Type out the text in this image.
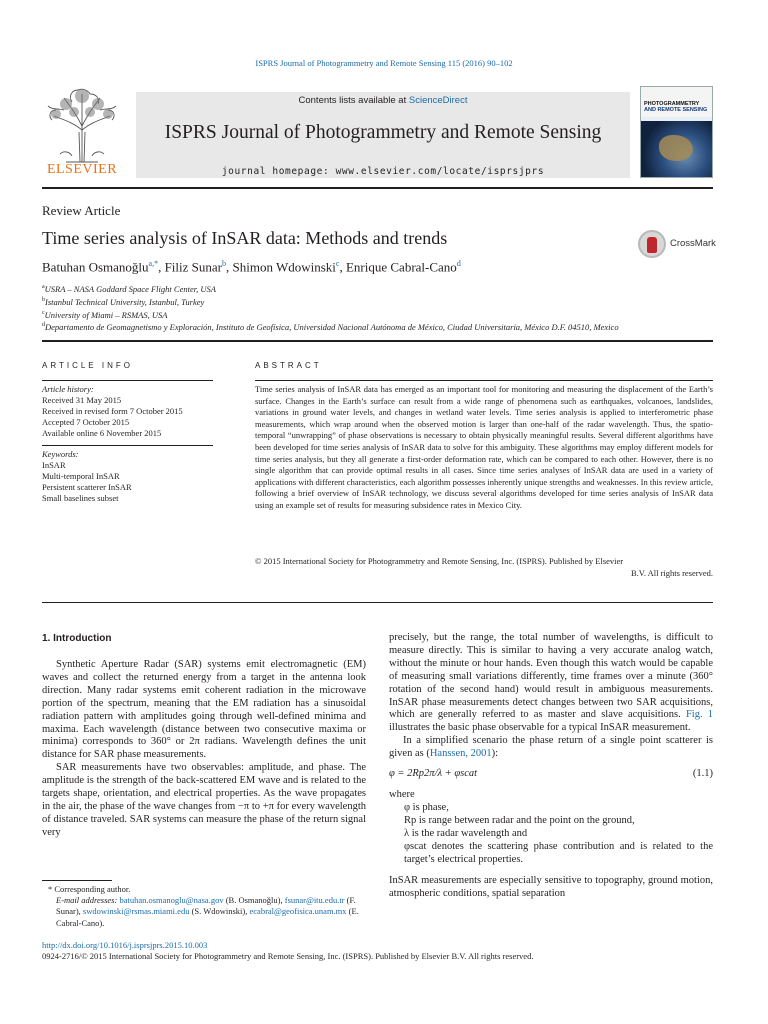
ISPRS Journal of Photogrammetry and Remote Sensing 115 (2016) 90–102
ELSEVIER
Contents lists available at ScienceDirect
ISPRS Journal of Photogrammetry and Remote Sensing
journal homepage: www.elsevier.com/locate/isprsjprs
PHOTOGRAMMETRY
AND REMOTE SENSING
Review Article
Time series analysis of InSAR data: Methods and trends	CrossMark
Batuhan Osmanoğlu$^{a,*}$, Filiz Sunar$^b$, Shimon Wdowinski$^c$, Enrique Cabral-Cano$^d$
$^a$USRA – NASA Goddard Space Flight Center, USA
$^b$Istanbul Technical University, Istanbul, Turkey
$^c$University of Miami – RSMAS, USA
$^d$Departamento de Geomagnetismo y Exploración, Instituto de Geofísica, Universidad Nacional Autónoma de México, Ciudad Universitaria, México D.F. 04510, Mexico
ARTICLE INFO
Article history:
Received 31 May 2015
Received in revised form 7 October 2015
Accepted 7 October 2015
Available online 6 November 2015
Keywords:
InSAR
Multi-temporal InSAR
Persistent scatterer InSAR
Small baselines subset
ABSTRACT
Time series analysis of InSAR data has emerged as an important tool for monitoring and measuring the displacement of the Earth’s surface. Changes in the Earth’s surface can result from a wide range of phenomena such as earthquakes, volcanoes, landslides, variations in ground water levels, and changes in wetland water levels. Time series analysis is applied to interferometric phase measurements, which wrap around when the observed motion is larger than one-half of the radar wavelength. Thus, the spatio-temporal “unwrapping” of phase observations is necessary to obtain physically meaningful results. Several different algorithms have been developed for time series analysis of InSAR data to solve for this ambiguity. These algorithms may employ different models for time series analysis, but they all generate a first-order deformation rate, which can be compared to each other. However, there is no single algorithm that can provide optimal results in all cases. Since time series analyses of InSAR data are used in a variety of applications with different characteristics, each algorithm possesses inherently unique strengths and weaknesses. In this review article, following a brief overview of InSAR technology, we discuss several algorithms developed for time series analysis of InSAR data using an example set of results for measuring subsidence rates in Mexico City.
© 2015 International Society for Photogrammetry and Remote Sensing, Inc. (ISPRS). Published by Elsevier
B.V. All rights reserved.
1. Introduction

Synthetic Aperture Radar (SAR) systems emit electromagnetic (EM) waves and collect the returned energy from a target in the antenna look direction. Many radar systems emit coherent radiation in the microwave portion of the spectrum, meaning that the EM radiation has a sinusoidal radiation pattern with amplitudes going through well-defined minima and maxima. Each wavelength (distance between two consecutive maxima or minima) corresponds to 360° or 2π radians. Wavelength defines the unit distance for SAR phase measurements.

SAR measurements have two observables: amplitude, and phase. The amplitude is the strength of the back-scattered EM wave and is related to the targets shape, orientation, and electrical properties. As the wave propagates in the air, the phase of the wave changes from −π to +π for every wavelength of distance traveled. SAR systems can measure the phase of the return signal very

* Corresponding author.
E-mail addresses: batuhan.osmanoglu@nasa.gov (B. Osmanoğlu), fsunar@itu.edu.tr (F. Sunar), swdowinski@rsmas.miami.edu (S. Wdowinski), ecabral@geofisica.unam.mx (E. Cabral-Cano).

precisely, but the range, the total number of wavelengths, is difficult to measure directly. This is similar to having a very accurate analog watch, without the minute or hour hands. Even though this watch would be capable of measuring small variations differently, time frames over a minute (360° rotation of the second hand) would result in ambiguous measurements. InSAR phase measurements detect changes between two SAR acquisitions, which are generally referred to as master and slave acquisitions. Fig. 1 illustrates the basic phase observable for a typical InSAR measurement.

In a simplified scenario the phase return of a single point scatterer is given as (Hanssen, 2001):

φ = 2Rp2π/λ + φscat	(1.1)
where
φ is phase,
Rp is range between radar and the point on the ground,
λ is the radar wavelength and
φscat denotes the scattering phase contribution and is related to the target’s electrical properties.

InSAR measurements are especially sensitive to topography, ground motion, atmospheric conditions, spatial separation

http://dx.doi.org/10.1016/j.isprsjprs.2015.10.003
0924-2716/© 2015 International Society for Photogrammetry and Remote Sensing, Inc. (ISPRS). Published by Elsevier B.V. All rights reserved.
